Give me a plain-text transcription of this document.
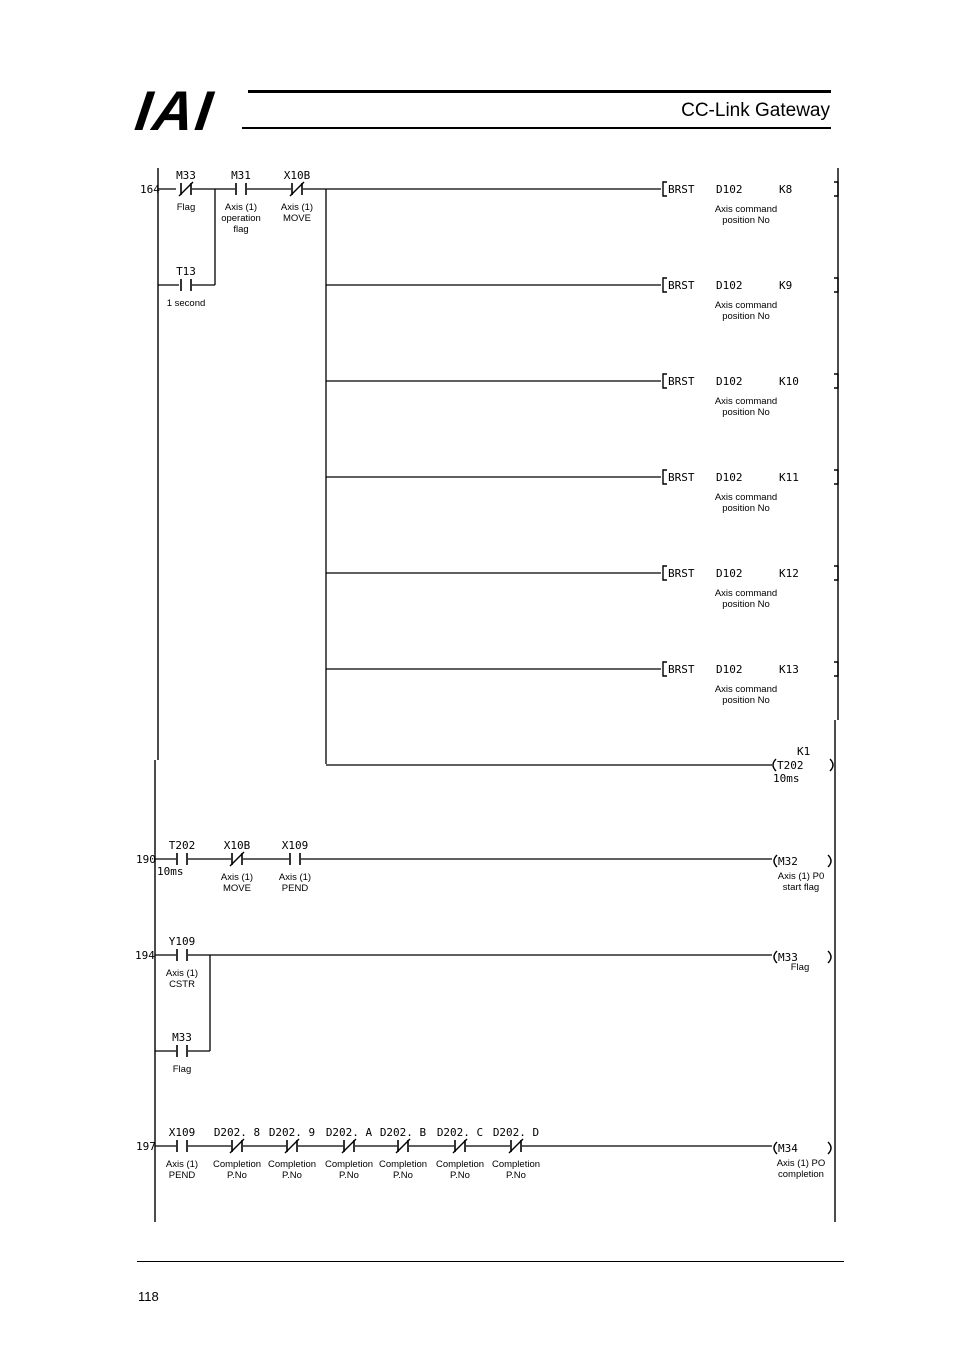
IAI	CC-Link Gateway
164
M33
Flag
M31
Axis (1)
operation
flag
X10B
Axis (1)
MOVE
T13
1 second
BRST D102	K8
Axis command
position No
BRST D102	K9
Axis command
position No
BRST D102	K10
Axis command
position No
BRST D102	K11
Axis command
position No
BRST D102	K12
Axis command
position No
BRST D102	K13
Axis command
position No
K1
T202
10ms
190
T202
10ms
X10B
Axis (1)
MOVE
X109
Axis (1)
PEND
M32
Axis (1) P0
start flag
194
Y109
Axis (1)
CSTR
M33
Flag
M33
Flag
197
X109
Axis (1)
PEND
D202. 8
Completion
P.No
D202. 9
Completion
P.No
D202. A
Completion
P.No
D202. B
Completion
P.No
D202. C
Completion
P.No
D202. D
Completion
P.No
M34
Axis (1) PO
completion
118
